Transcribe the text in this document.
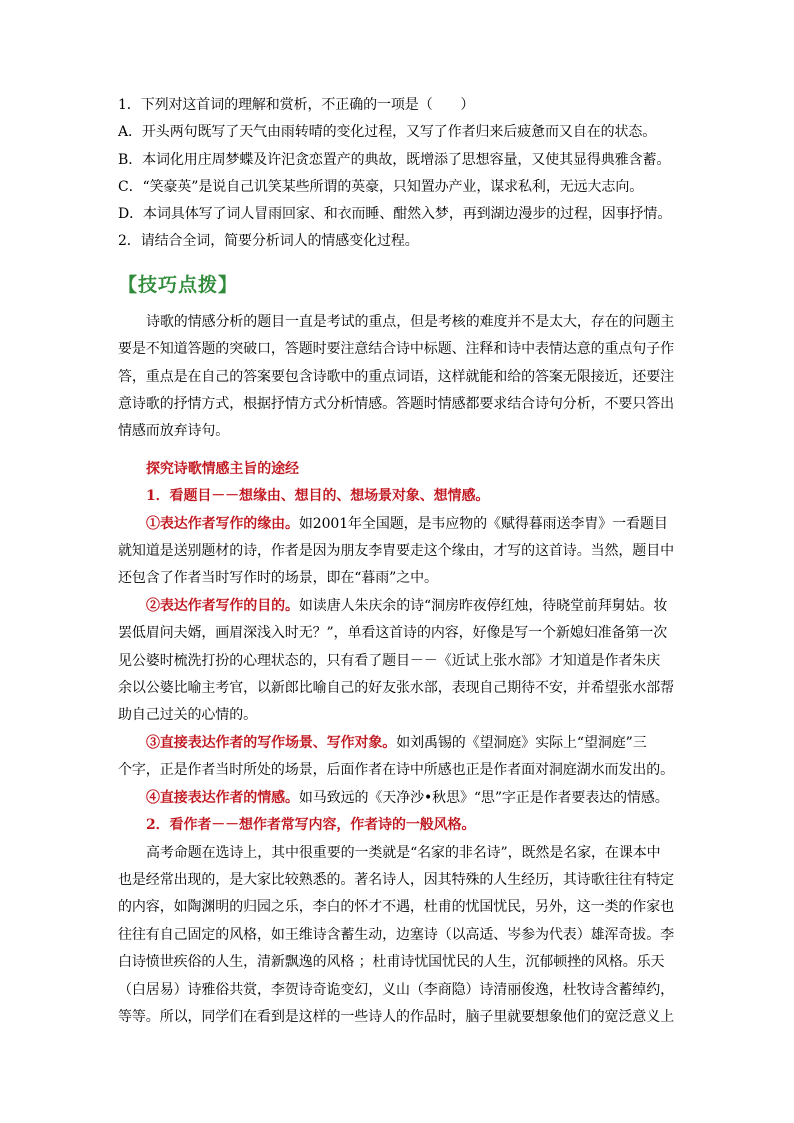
1．下列对这首词的理解和赏析，不正确的一项是（　　）
A．开头两句既写了天气由雨转晴的变化过程，又写了作者归来后疲惫而又自在的状态。
B．本词化用庄周梦蝶及许汜贪恋置产的典故，既增添了思想容量，又使其显得典雅含蓄。
C．“笑豪英”是说自己讥笑某些所谓的英豪，只知置办产业，谋求私利，无远大志向。
D．本词具体写了词人冒雨回家、和衣而睡、酣然入梦，再到湖边漫步的过程，因事抒情。
2．请结合全词，简要分析词人的情感变化过程。
【技巧点拨】
诗歌的情感分析的题目一直是考试的重点，但是考核的难度并不是太大，存在的问题主
要是不知道答题的突破口，答题时要注意结合诗中标题、注释和诗中表情达意的重点句子作
答，重点是在自己的答案要包含诗歌中的重点词语，这样就能和给的答案无限接近，还要注
意诗歌的抒情方式，根据抒情方式分析情感。答题时情感都要求结合诗句分析，不要只答出
情感而放弃诗句。
探究诗歌情感主旨的途经
1．看题目－－想缘由、想目的、想场景对象、想情感。
①表达作者写作的缘由。如2001年全国题，是韦应物的《赋得暮雨送李胄》一看题目
就知道是送别题材的诗，作者是因为朋友李胄要走这个缘由，才写的这首诗。当然，题目中
还包含了作者当时写作时的场景，即在“暮雨”之中。
②表达作者写作的目的。如读唐人朱庆余的诗“洞房昨夜停红烛，待晓堂前拜舅姑。妆
罢低眉问夫婿，画眉深浅入时无？”，单看这首诗的内容，好像是写一个新媳妇准备第一次
见公婆时梳洗打扮的心理状态的，只有看了题目－－《近试上张水部》才知道是作者朱庆
余以公婆比喻主考官，以新郎比喻自己的好友张水部，表现自己期待不安，并希望张水部帮
助自己过关的心情的。
③直接表达作者的写作场景、写作对象。如刘禹锡的《望洞庭》实际上“望洞庭”三
个字，正是作者当时所处的场景，后面作者在诗中所感也正是作者面对洞庭湖水而发出的。
④直接表达作者的情感。如马致远的《天净沙•秋思》“思”字正是作者要表达的情感。
2．看作者－－想作者常写内容，作者诗的一般风格。
高考命题在选诗上，其中很重要的一类就是“名家的非名诗”，既然是名家，在课本中
也是经常出现的，是大家比较熟悉的。著名诗人，因其特殊的人生经历，其诗歌往往有特定
的内容，如陶渊明的归园之乐，李白的怀才不遇，杜甫的忧国忧民，另外，这一类的作家也
往往有自己固定的风格，如王维诗含蓄生动，边塞诗（以高适、岑参为代表）雄浑奇拔。李
白诗愤世疾俗的人生，清新飘逸的风格 ；杜甫诗忧国忧民的人生，沉郁顿挫的风格。乐天
（白居易）诗雅俗共赏，李贺诗奇诡变幻，义山（李商隐）诗清丽俊逸，杜牧诗含蓄绰约，
等等。所以，同学们在看到是这样的一些诗人的作品时，脑子里就要想象他们的宽泛意义上
